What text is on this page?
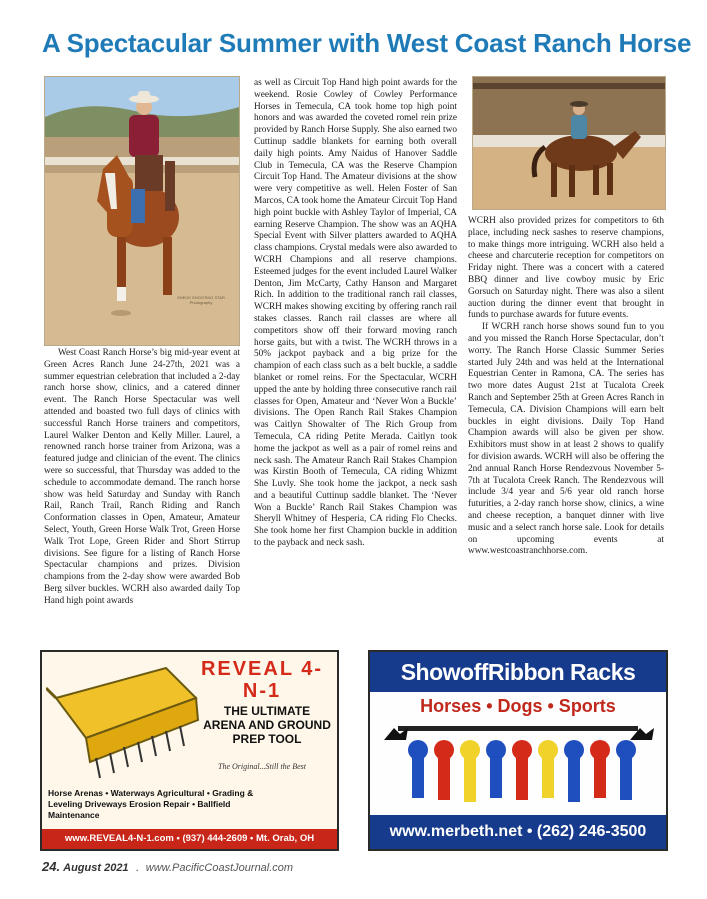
A Spectacular Summer with West Coast Ranch Horse
SHECK SHOOTING STAR Photography

West Coast Ranch Horse’s big mid-year event at Green Acres Ranch June 24-27th, 2021 was a summer equestrian celebration that included a 2-day ranch horse show, clinics, and a catered dinner event. The Ranch Horse Spectacular was well attended and boasted two full days of clinics with successful Ranch Horse trainers and competitors, Laurel Walker Denton and Kelly Miller. Laurel, a renowned ranch horse trainer from Arizona, was a featured judge and clinician of the event. The clinics were so successful, that Thursday was added to the schedule to accommodate demand. The ranch horse show was held Saturday and Sunday with Ranch Rail, Ranch Trail, Ranch Riding and Ranch Conformation classes in Open, Amateur, Amateur Select, Youth, Green Horse Walk Trot, Green Horse Walk Trot Lope, Green Rider and Short Stirrup divisions. See figure for a listing of Ranch Horse Spectacular champions and prizes. Division champions from the 2-day show were awarded Bob Berg silver buckles. WCRH also awarded daily Top Hand high point awards

as well as Circuit Top Hand high point awards for the weekend. Rosie Cowley of Cowley Performance Horses in Temecula, CA took home top high point honors and was awarded the coveted romel rein prize provided by Ranch Horse Supply. She also earned two Cuttinup saddle blankets for earning both overall daily high points. Amy Naidus of Hanover Saddle Club in Temecula, CA was the Reserve Champion Circuit Top Hand. The Amateur divisions at the show were very competitive as well. Helen Foster of San Marcos, CA took home the Amateur Circuit Top Hand high point buckle with Ashley Taylor of Imperial, CA earning Reserve Champion. The show was an AQHA Special Event with Silver platters awarded to AQHA class champions. Crystal medals were also awarded to WCRH Champions and all reserve champions. Esteemed judges for the event included Laurel Walker Denton, Jim McCarty, Cathy Hanson and Margaret Rich. In addition to the traditional ranch rail classes, WCRH makes showing exciting by offering ranch rail stakes classes. Ranch rail classes are where all competitors show off their forward moving ranch horse gaits, but with a twist. The WCRH throws in a 50% jackpot payback and a big prize for the champion of each class such as a belt buckle, a saddle blanket or romel reins. For the Spectacular, WCRH upped the ante by holding three consecutive ranch rail classes for Open, Amateur and ‘Never Won a Buckle’ divisions. The Open Ranch Rail Stakes Champion was Caitlyn Showalter of The Rich Group from Temecula, CA riding Petite Merada. Caitlyn took home the jackpot as well as a pair of romel reins and neck sash. The Amateur Ranch Rail Stakes Champion was Kirstin Booth of Temecula, CA riding Whizmt She Luvly. She took home the jackpot, a neck sash and a beautiful Cuttinup saddle blanket. The ‘Never Won a Buckle’ Ranch Rail Stakes Champion was Sheryll Whitney of Hesperia, CA riding Flo Checks. She took home her first Champion buckle in addition to the payback and neck sash.

WCRH also provided prizes for competitors to 6th place, including neck sashes to reserve champions, to make things more intriguing. WCRH also held a cheese and charcuterie reception for competitors on Friday night. There was a concert with a catered BBQ dinner and live cowboy music by Eric Gorsuch on Saturday night. There was also a silent auction during the dinner event that brought in funds to purchase awards for future events.

If WCRH ranch horse shows sound fun to you and you missed the Ranch Horse Spectacular, don’t worry. The Ranch Horse Classic Summer Series started July 24th and was held at the International Equestrian Center in Ramona, CA. The series has two more dates August 21st at Tucalota Creek Ranch and September 25th at Green Acres Ranch in Temecula, CA. Division Champions will earn belt buckles in eight divisions. Daily Top Hand Champion awards will also be given per show. Exhibitors must show in at least 2 shows to qualify for division awards. WCRH will also be offering the 2nd annual Ranch Horse Rendezvous November 5-7th at Tucalota Creek Ranch. The Rendezvous will include 3/4 year and 5/6 year old ranch horse futurities, a 2-day ranch horse show, clinics, a wine and cheese reception, a banquet dinner with live music and a select ranch horse sale. Look for details on upcoming events at www.westcoastranchhorse.com.

REVEAL 4-N-1
THE ULTIMATE ARENA AND GROUND PREP TOOL
The Original...Still the Best
Horse Arenas • Waterways Agricultural • Grading & Leveling Driveways Erosion Repair • Ballfield Maintenance
www.REVEAL4-N-1.com • (937) 444-2609 • Mt. Orab, OH
ShowoffRibbon Racks
Horses • Dogs • Sports
www.merbeth.net • (262) 246-3500
24. August 2021 . www.PacificCoastJournal.com
